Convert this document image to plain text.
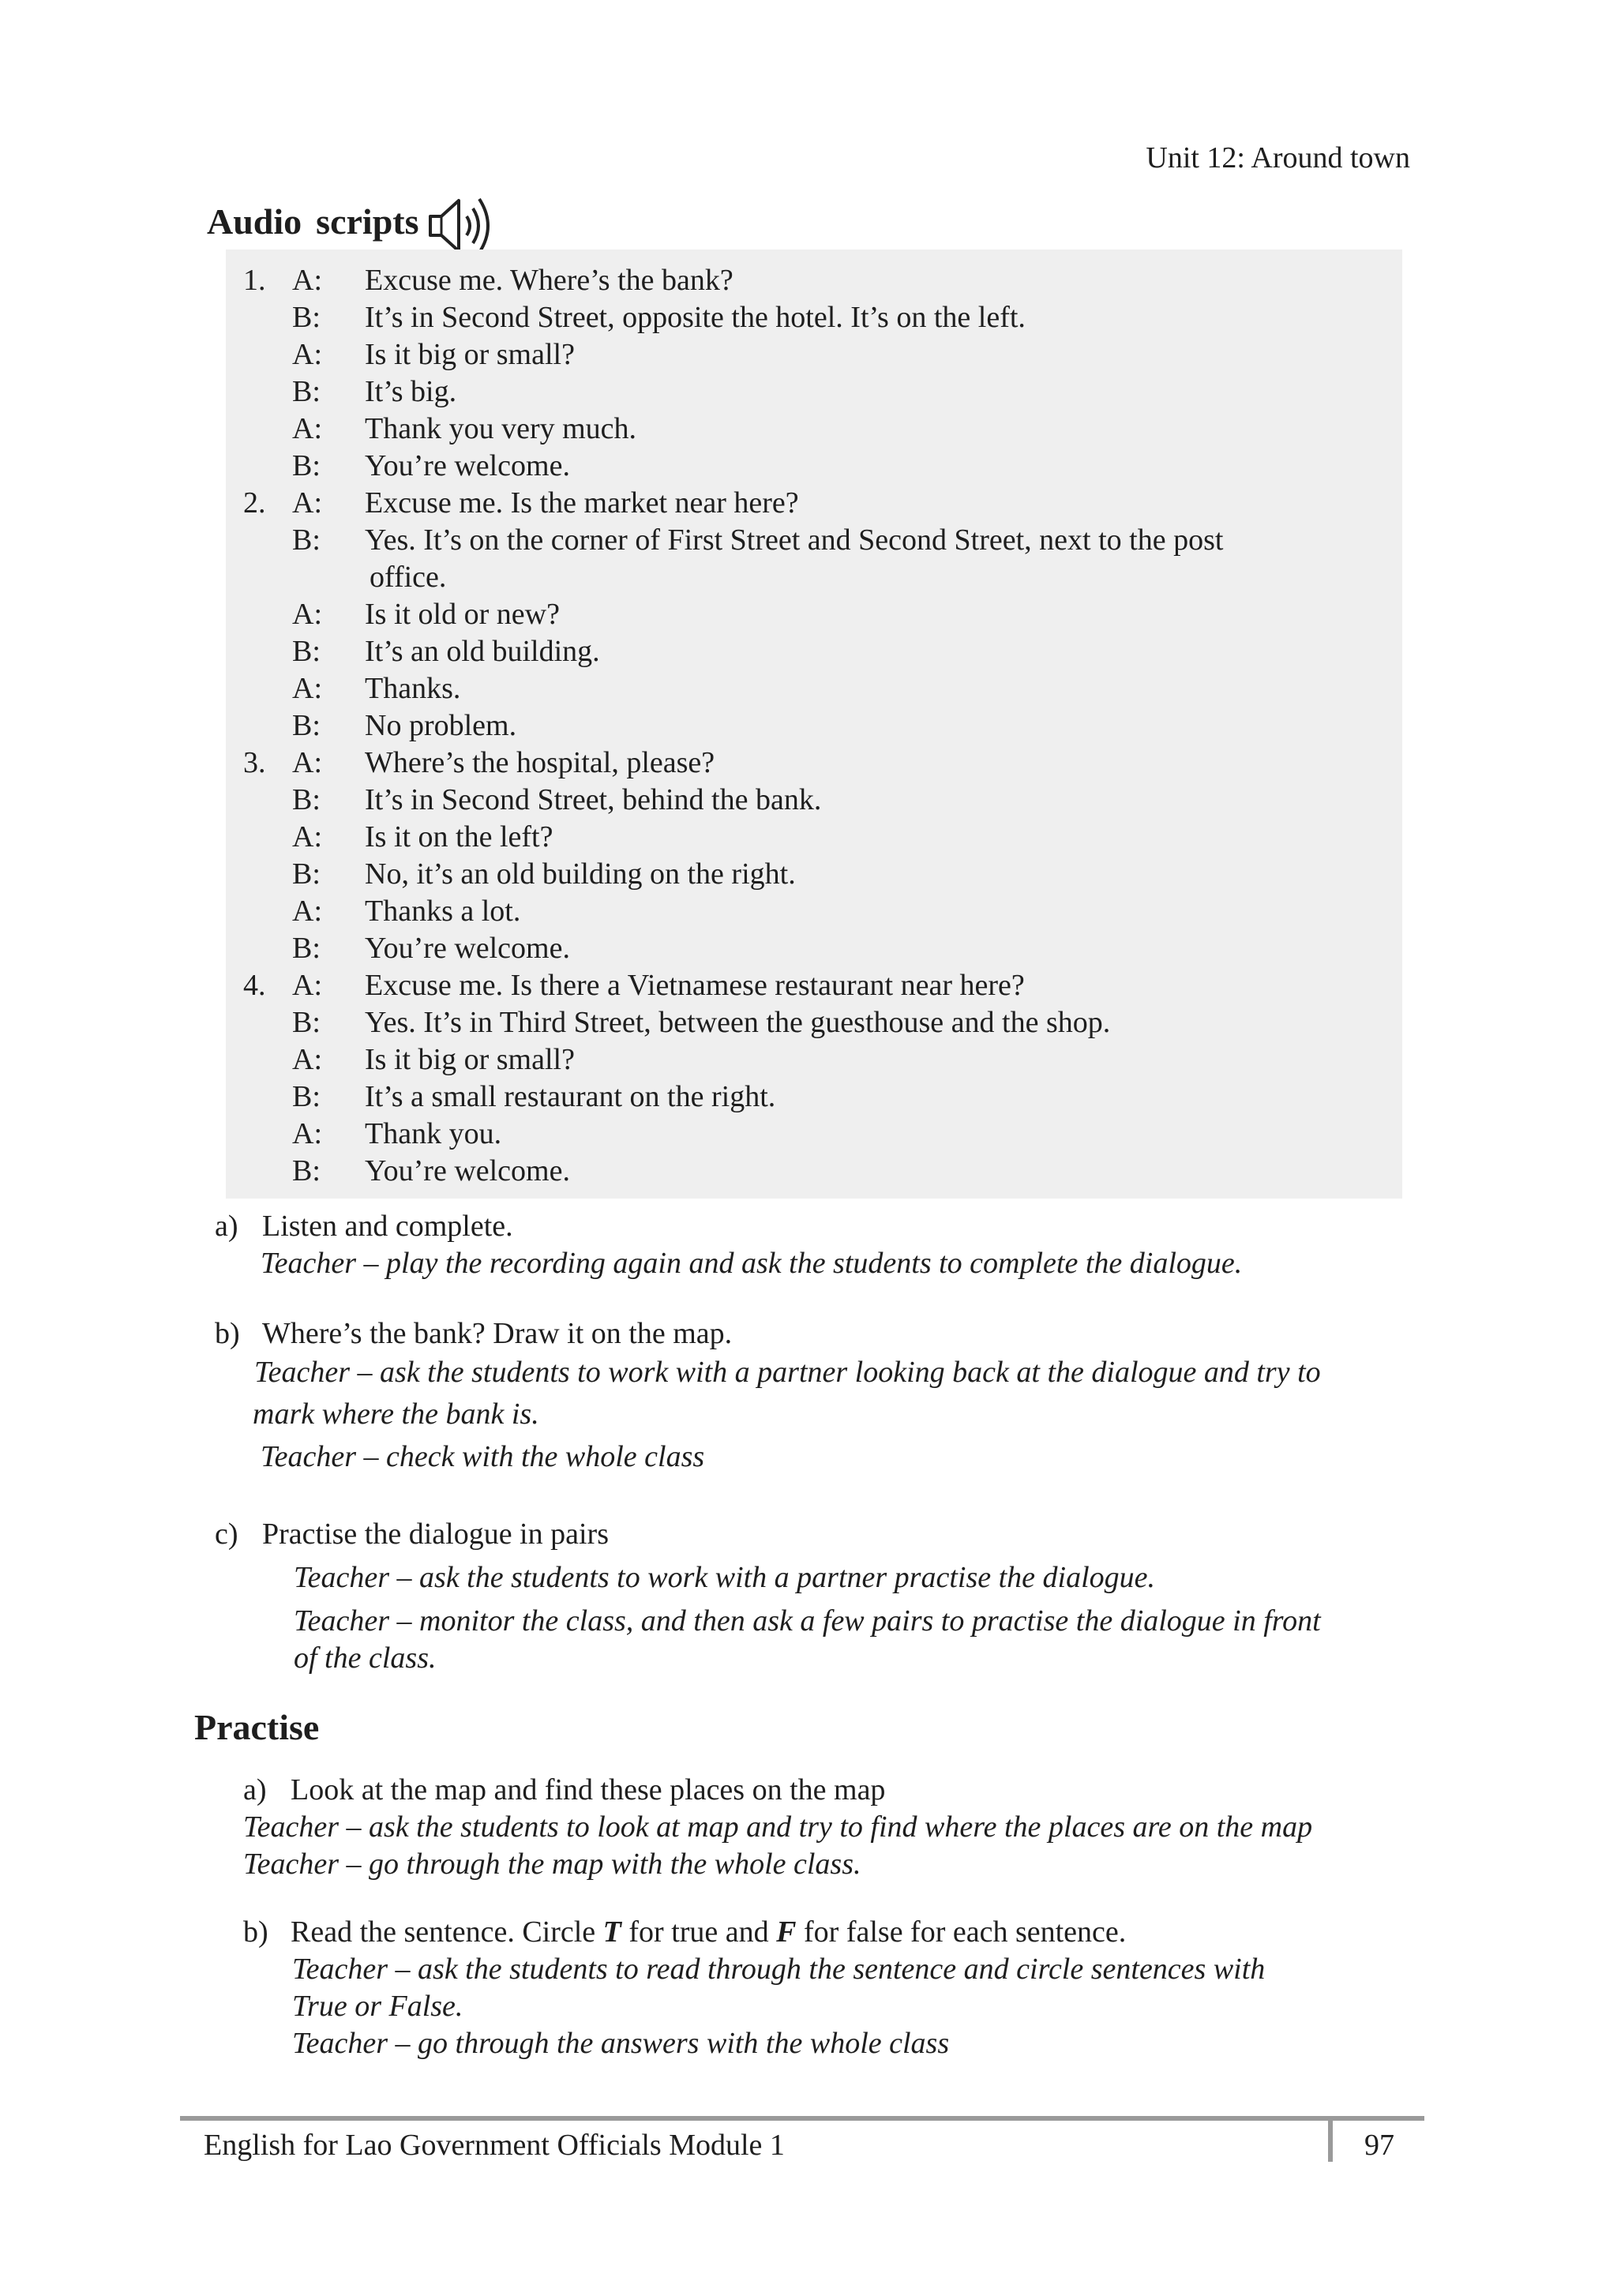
Unit 12: Around town
Audio scripts
1. A: Excuse me. Where’s the bank?
B: It’s in Second Street, opposite the hotel. It’s on the left.
A: Is it big or small?
B: It’s big.
A: Thank you very much.
B: You’re welcome.
2. A: Excuse me. Is the market near here?
B: Yes. It’s on the corner of First Street and Second Street, next to the post
office.
A: Is it old or new?
B: It’s an old building.
A: Thanks.
B: No problem.
3. A: Where’s the hospital, please?
B: It’s in Second Street, behind the bank.
A: Is it on the left?
B: No, it’s an old building on the right.
A: Thanks a lot.
B: You’re welcome.
4. A: Excuse me. Is there a Vietnamese restaurant near here?
B: Yes. It’s in Third Street, between the guesthouse and the shop.
A: Is it big or small?
B: It’s a small restaurant on the right.
A: Thank you.
B: You’re welcome.
a) Listen and complete.
Teacher – play the recording again and ask the students to complete the dialogue.
b) Where’s the bank? Draw it on the map.
Teacher – ask the students to work with a partner looking back at the dialogue and try to
mark where the bank is.
Teacher – check with the whole class
c) Practise the dialogue in pairs
Teacher – ask the students to work with a partner practise the dialogue.
Teacher – monitor the class, and then ask a few pairs to practise the dialogue in front
of the class.
Practise
a) Look at the map and find these places on the map
Teacher – ask the students to look at map and try to find where the places are on the map
Teacher – go through the map with the whole class.
b) Read the sentence. Circle T for true and F for false for each sentence.
Teacher – ask the students to read through the sentence and circle sentences with
True or False.
Teacher – go through the answers with the whole class
English for Lao Government Officials Module 1	97
